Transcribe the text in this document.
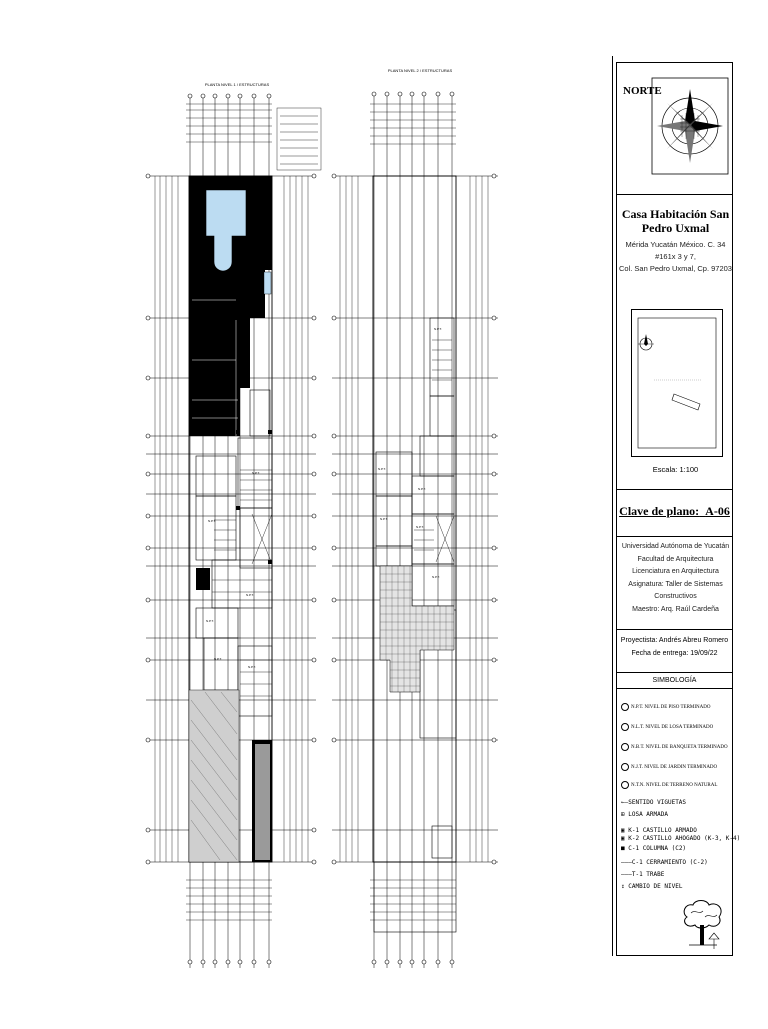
PLANTA NIVEL 1 / ESTRUCTURAS
PLANTA NIVEL 2 / ESTRUCTURAS
N.P.T.
N.P.T.
N.P.T.
N.P.T.
N.P.T.
N.P.T.
N.P.T.
N.P.T.
N.P.T.
N.P.T.
N.P.T.
N.P.T.
NORTE
Casa Habitación San Pedro Uxmal
Mérida Yucatán México. C. 34 #161x 3 y 7,
Col. San Pedro Uxmal, Cp. 97203
Escala: 1:100
Clave de plano: A-06
Universidad Autónoma de Yucatán
Facultad de Arquitectura
Licenciatura en Arquitectura
Asignatura: Taller de Sistemas Constructivos
Maestro: Arq. Raúl Cardeña
Proyectista: Andrés Abreu Romero
Fecha de entrega: 19/09/22
SIMBOLOGÍA
N.P.T. NIVEL DE PISO TERMINADO
N.L.T. NIVEL DE LOSA TERMINADO
N.B.T. NIVEL DE BANQUETA TERMINADO
N.J.T. NIVEL DE JARDIN TERMINADO
N.T.N. NIVEL DE TERRENO NATURAL
←—SENTIDO VIGUETAS
⊞ LOSA ARMADA
▣ K-1 CASTILLO ARMADO
▣ K-2 CASTILLO AHOGADO (K-3, K-4)
■ C-1 COLUMNA (C2)
———C-1 CERRAMIENTO (C-2)
———T-1 TRABE
↧ CAMBIO DE NIVEL
